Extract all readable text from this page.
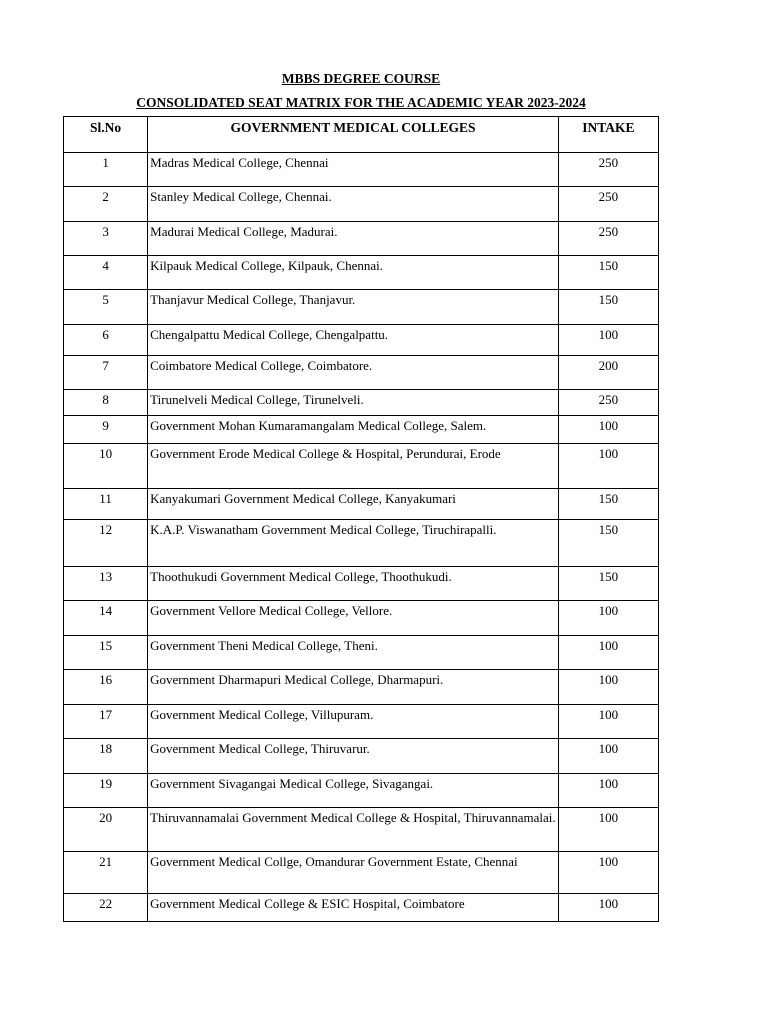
MBBS DEGREE COURSE
CONSOLIDATED SEAT MATRIX FOR THE ACADEMIC YEAR 2023-2024
Sl.No	GOVERNMENT MEDICAL COLLEGES	INTAKE
1	Madras Medical College, Chennai	250
2	Stanley Medical College, Chennai.	250
3	Madurai Medical College, Madurai.	250
4	Kilpauk Medical College, Kilpauk, Chennai.	150
5	Thanjavur Medical College, Thanjavur.	150
6	Chengalpattu Medical College, Chengalpattu.	100
7	Coimbatore Medical College, Coimbatore.	200
8	Tirunelveli Medical College, Tirunelveli.	250
9	Government Mohan Kumaramangalam Medical College, Salem.	100
10	Government Erode Medical College & Hospital, Perundurai, Erode	100
11	Kanyakumari Government Medical College, Kanyakumari	150
12	K.A.P. Viswanatham Government Medical College, Tiruchirapalli.	150
13	Thoothukudi Government Medical College, Thoothukudi.	150
14	Government Vellore Medical College, Vellore.	100
15	Government Theni Medical College, Theni.	100
16	Government Dharmapuri Medical College, Dharmapuri.	100
17	Government Medical College, Villupuram.	100
18	Government Medical College, Thiruvarur.	100
19	Government Sivagangai Medical College, Sivagangai.	100
20	Thiruvannamalai Government Medical College & Hospital, Thiruvannamalai.	100
21	Government Medical Collge, Omandurar Government Estate, Chennai	100
22	Government Medical College & ESIC Hospital, Coimbatore	100
